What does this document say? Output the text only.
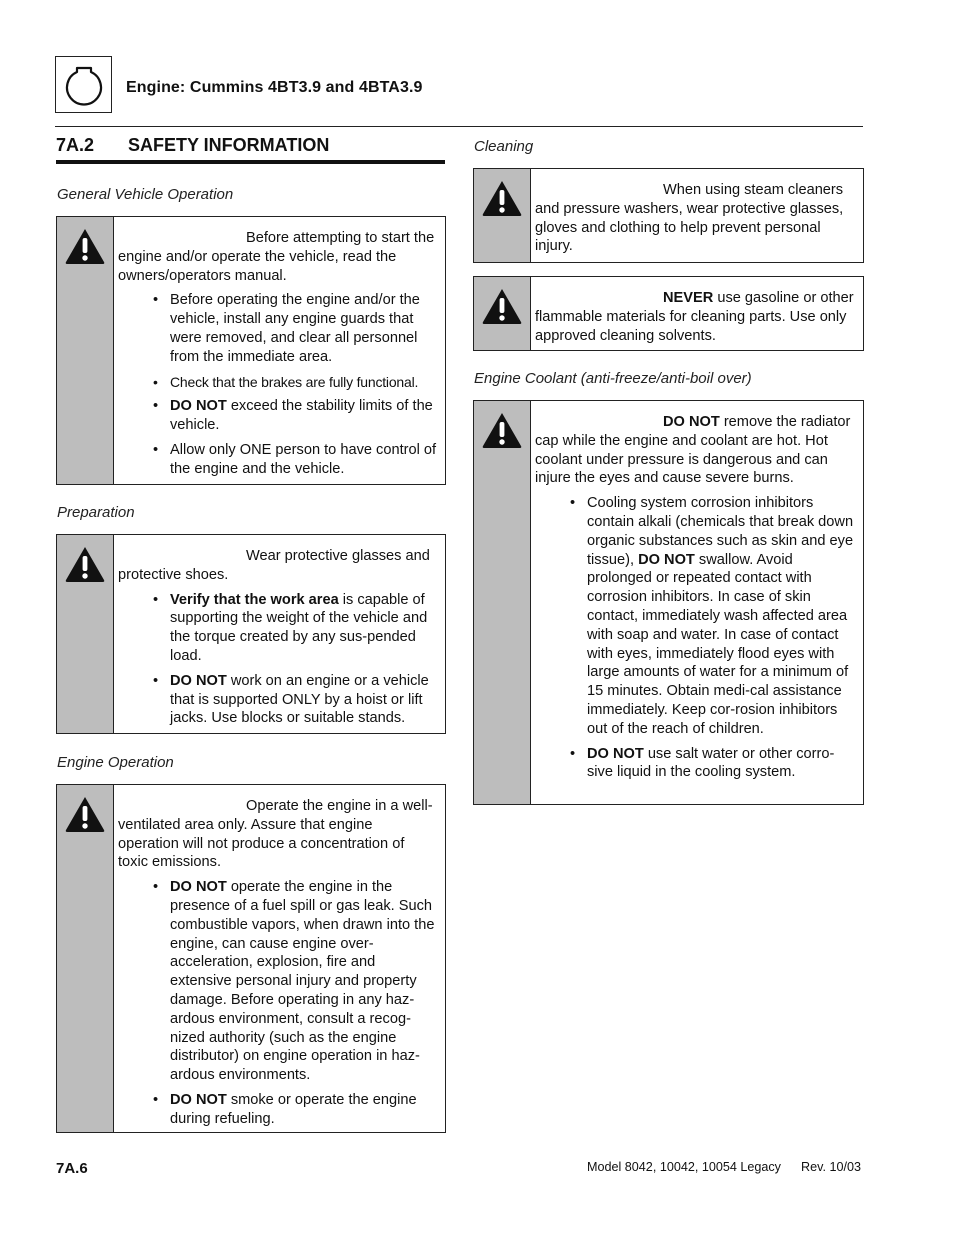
Engine: Cummins 4BT3.9 and 4BTA3.9
7A.2 SAFETY INFORMATION
General Vehicle Operation

Before attempting to start the engine and/or operate the vehicle, read the owners/operators manual.

• Before operating the engine and/or the vehicle, install any engine guards that were removed, and clear all personnel from the immediate area.
• Check that the brakes are fully functional.
• DO NOT exceed the stability limits of the vehicle.
• Allow only ONE person to have control of the engine and the vehicle.
Preparation

Wear protective glasses and protective shoes.

• Verify that the work area is capable of supporting the weight of the vehicle and the torque created by any sus-pended load.
• DO NOT work on an engine or a vehicle that is supported ONLY by a hoist or lift jacks. Use blocks or suitable stands.
Engine Operation

Operate the engine in a well-ventilated area only. Assure that engine operation will not produce a concentration of toxic emissions.

• DO NOT operate the engine in the presence of a fuel spill or gas leak. Such combustible vapors, when drawn into the engine, can cause engine over-acceleration, explosion, fire and extensive personal injury and property damage. Before operating in any haz-ardous environment, consult a recog-nized authority (such as the engine distributor) on engine operation in haz-ardous environments.
• DO NOT smoke or operate the engine during refueling.
Cleaning

When using steam cleaners and pressure washers, wear protective glasses, gloves and clothing to help prevent personal injury.

NEVER use gasoline or other flammable materials for cleaning parts. Use only approved cleaning solvents.

Engine Coolant (anti-freeze/anti-boil over)

DO NOT remove the radiator cap while the engine and coolant are hot. Hot coolant under pressure is dangerous and can injure the eyes and cause severe burns.

• Cooling system corrosion inhibitors contain alkali (chemicals that break down organic substances such as skin and eye tissue), DO NOT swallow. Avoid prolonged or repeated contact with corrosion inhibitors. In case of skin contact, immediately wash affected area with soap and water. In case of contact with eyes, immediately flood eyes with large amounts of water for a minimum of 15 minutes. Obtain medi-cal assistance immediately. Keep cor-rosion inhibitors out of the reach of children.
• DO NOT use salt water or other corro-sive liquid in the cooling system.
7A.6	Model 8042, 10042, 10054 Legacy Rev. 10/03
